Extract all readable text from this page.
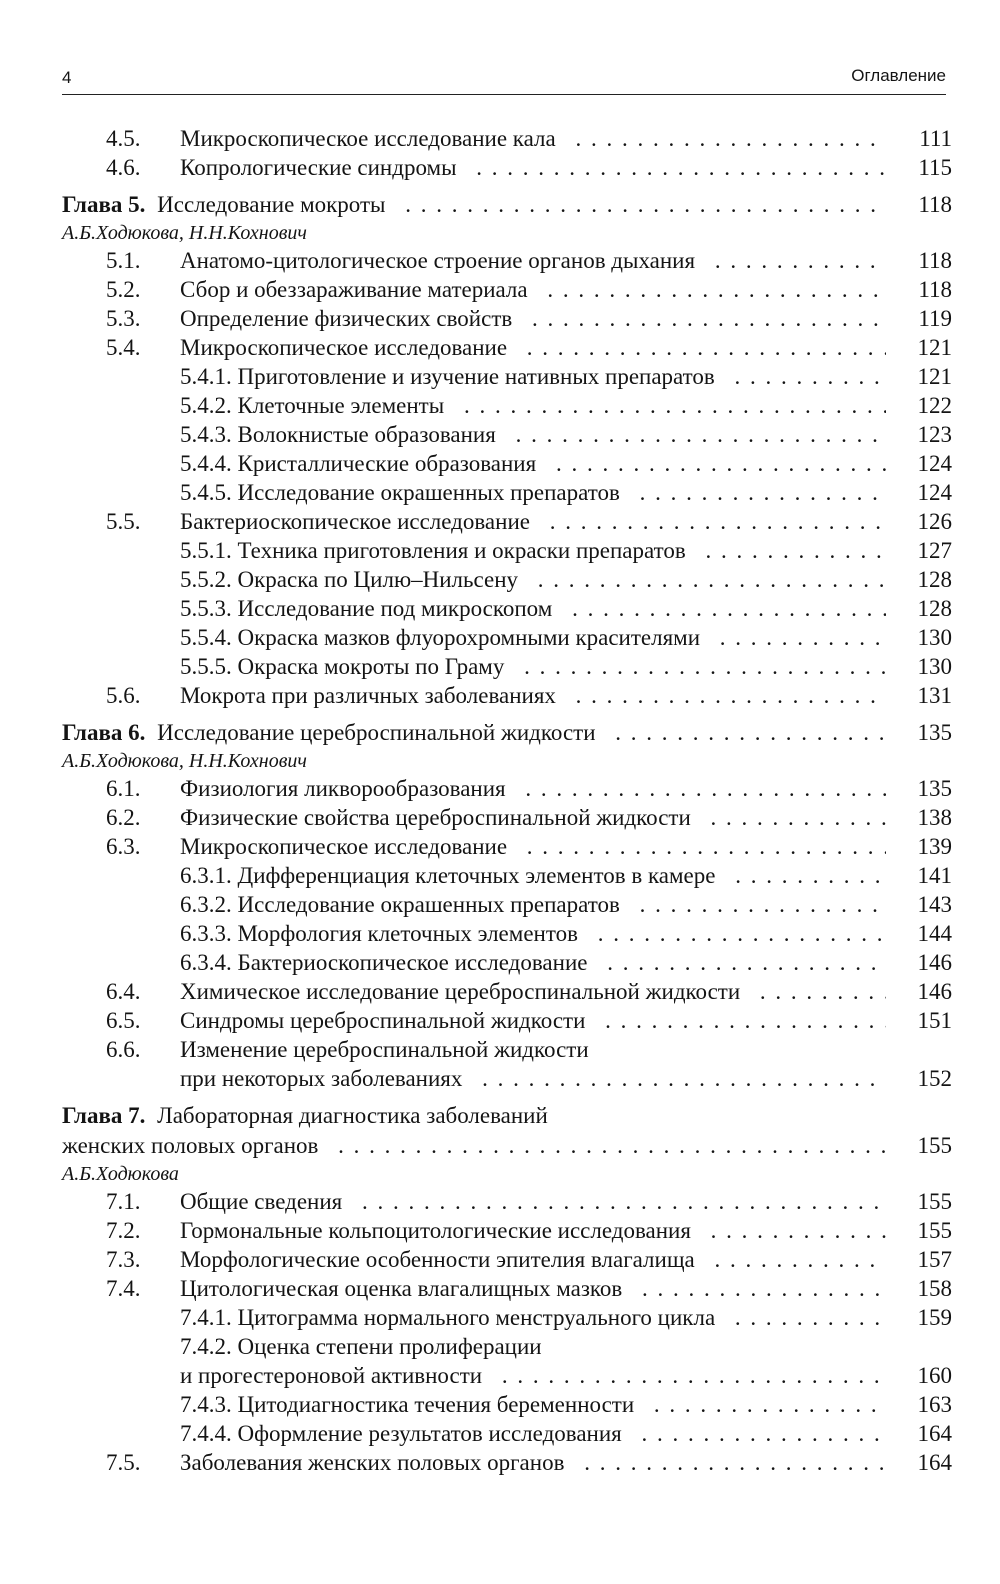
4	Оглавление
4.5. Микроскопическое исследование кала . . .	111
4.6. Копрологические синдромы . . .	115
Глава 5. Исследование мокроты . . .	118
А.Б.Ходюкова, Н.Н.Кохнович
5.1. Анатомо-цитологическое строение органов дыхания . . .	118
5.2. Сбор и обеззараживание материала . . .	118
5.3. Определение физических свойств . . .	119
5.4. Микроскопическое исследование . . .	121
5.4.1. Приготовление и изучение нативных препаратов . . .	121
5.4.2. Клеточные элементы . . .	122
5.4.3. Волокнистые образования . . .	123
5.4.4. Кристаллические образования . . .	124
5.4.5. Исследование окрашенных препаратов . . .	124
5.5. Бактериоскопическое исследование . . .	126
5.5.1. Техника приготовления и окраски препаратов . . .	127
5.5.2. Окраска по Цилю–Нильсену . . .	128
5.5.3. Исследование под микроскопом . . .	128
5.5.4. Окраска мазков флуорохромными красителями . . .	130
5.5.5. Окраска мокроты по Граму . . .	130
5.6. Мокрота при различных заболеваниях . . .	131
Глава 6. Исследование цереброспинальной жидкости . . .	135
А.Б.Ходюкова, Н.Н.Кохнович
6.1. Физиология ликворообразования . . .	135
6.2. Физические свойства цереброспинальной жидкости . . .	138
6.3. Микроскопическое исследование . . .	139
6.3.1. Дифференциация клеточных элементов в камере . . .	141
6.3.2. Исследование окрашенных препаратов . . .	143
6.3.3. Морфология клеточных элементов . . .	144
6.3.4. Бактериоскопическое исследование . . .	146
6.4. Химическое исследование цереброспинальной жидкости . . .	146
6.5. Синдромы цереброспинальной жидкости . . .	151
6.6. Изменение цереброспинальной жидкости
при некоторых заболеваниях . . .	152
Глава 7. Лабораторная диагностика заболеваний
женских половых органов . . .	155
А.Б.Ходюкова
7.1. Общие сведения . . .	155
7.2. Гормональные кольпоцитологические исследования . . .	155
7.3. Морфологические особенности эпителия влагалища . . .	157
7.4. Цитологическая оценка влагалищных мазков . . .	158
7.4.1. Цитограмма нормального менструального цикла . . .	159
7.4.2. Оценка степени пролиферации
и прогестероновой активности . . .	160
7.4.3. Цитодиагностика течения беременности . . .	163
7.4.4. Оформление результатов исследования . . .	164
7.5. Заболевания женских половых органов . . .	164
